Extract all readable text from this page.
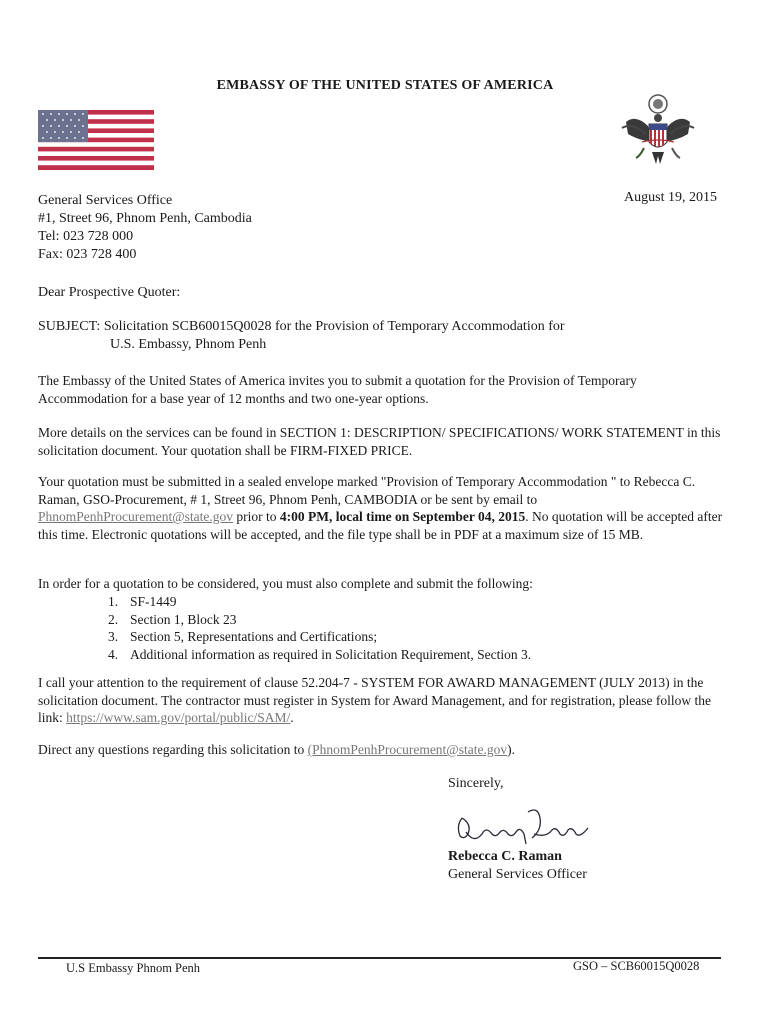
EMBASSY OF THE UNITED STATES OF AMERICA
August 19, 2015
General Services Office
#1, Street 96, Phnom Penh, Cambodia
Tel: 023 728 000
Fax: 023 728 400
Dear Prospective Quoter:
SUBJECT: Solicitation SCB60015Q0028 for the Provision of Temporary Accommodation for
U.S. Embassy, Phnom Penh
The Embassy of the United States of America invites you to submit a quotation for the Provision of Temporary Accommodation for a base year of 12 months and two one-year options.
More details on the services can be found in SECTION 1: DESCRIPTION/ SPECIFICATIONS/ WORK STATEMENT in this solicitation document. Your quotation shall be FIRM-FIXED PRICE.
Your quotation must be submitted in a sealed envelope marked "Provision of Temporary Accommodation " to Rebecca C. Raman, GSO-Procurement, # 1, Street 96, Phnom Penh, CAMBODIA or be sent by email to PhnomPenhProcurement@state.gov prior to 4:00 PM, local time on September 04, 2015. No quotation will be accepted after this time. Electronic quotations will be accepted, and the file type shall be in PDF at a maximum size of 15 MB.
In order for a quotation to be considered, you must also complete and submit the following:
1. SF-1449
2. Section 1, Block 23
3. Section 5, Representations and Certifications;
4. Additional information as required in Solicitation Requirement, Section 3.
I call your attention to the requirement of clause 52.204-7 - SYSTEM FOR AWARD MANAGEMENT (JULY 2013) in the solicitation document. The contractor must register in System for Award Management, and for registration, please follow the link: https://www.sam.gov/portal/public/SAM/.
Direct any questions regarding this solicitation to (PhnomPenhProcurement@state.gov).
Sincerely,
Rebecca C. Raman
General Services Officer
U.S Embassy Phnom Penh	GSO – SCB60015Q0028
